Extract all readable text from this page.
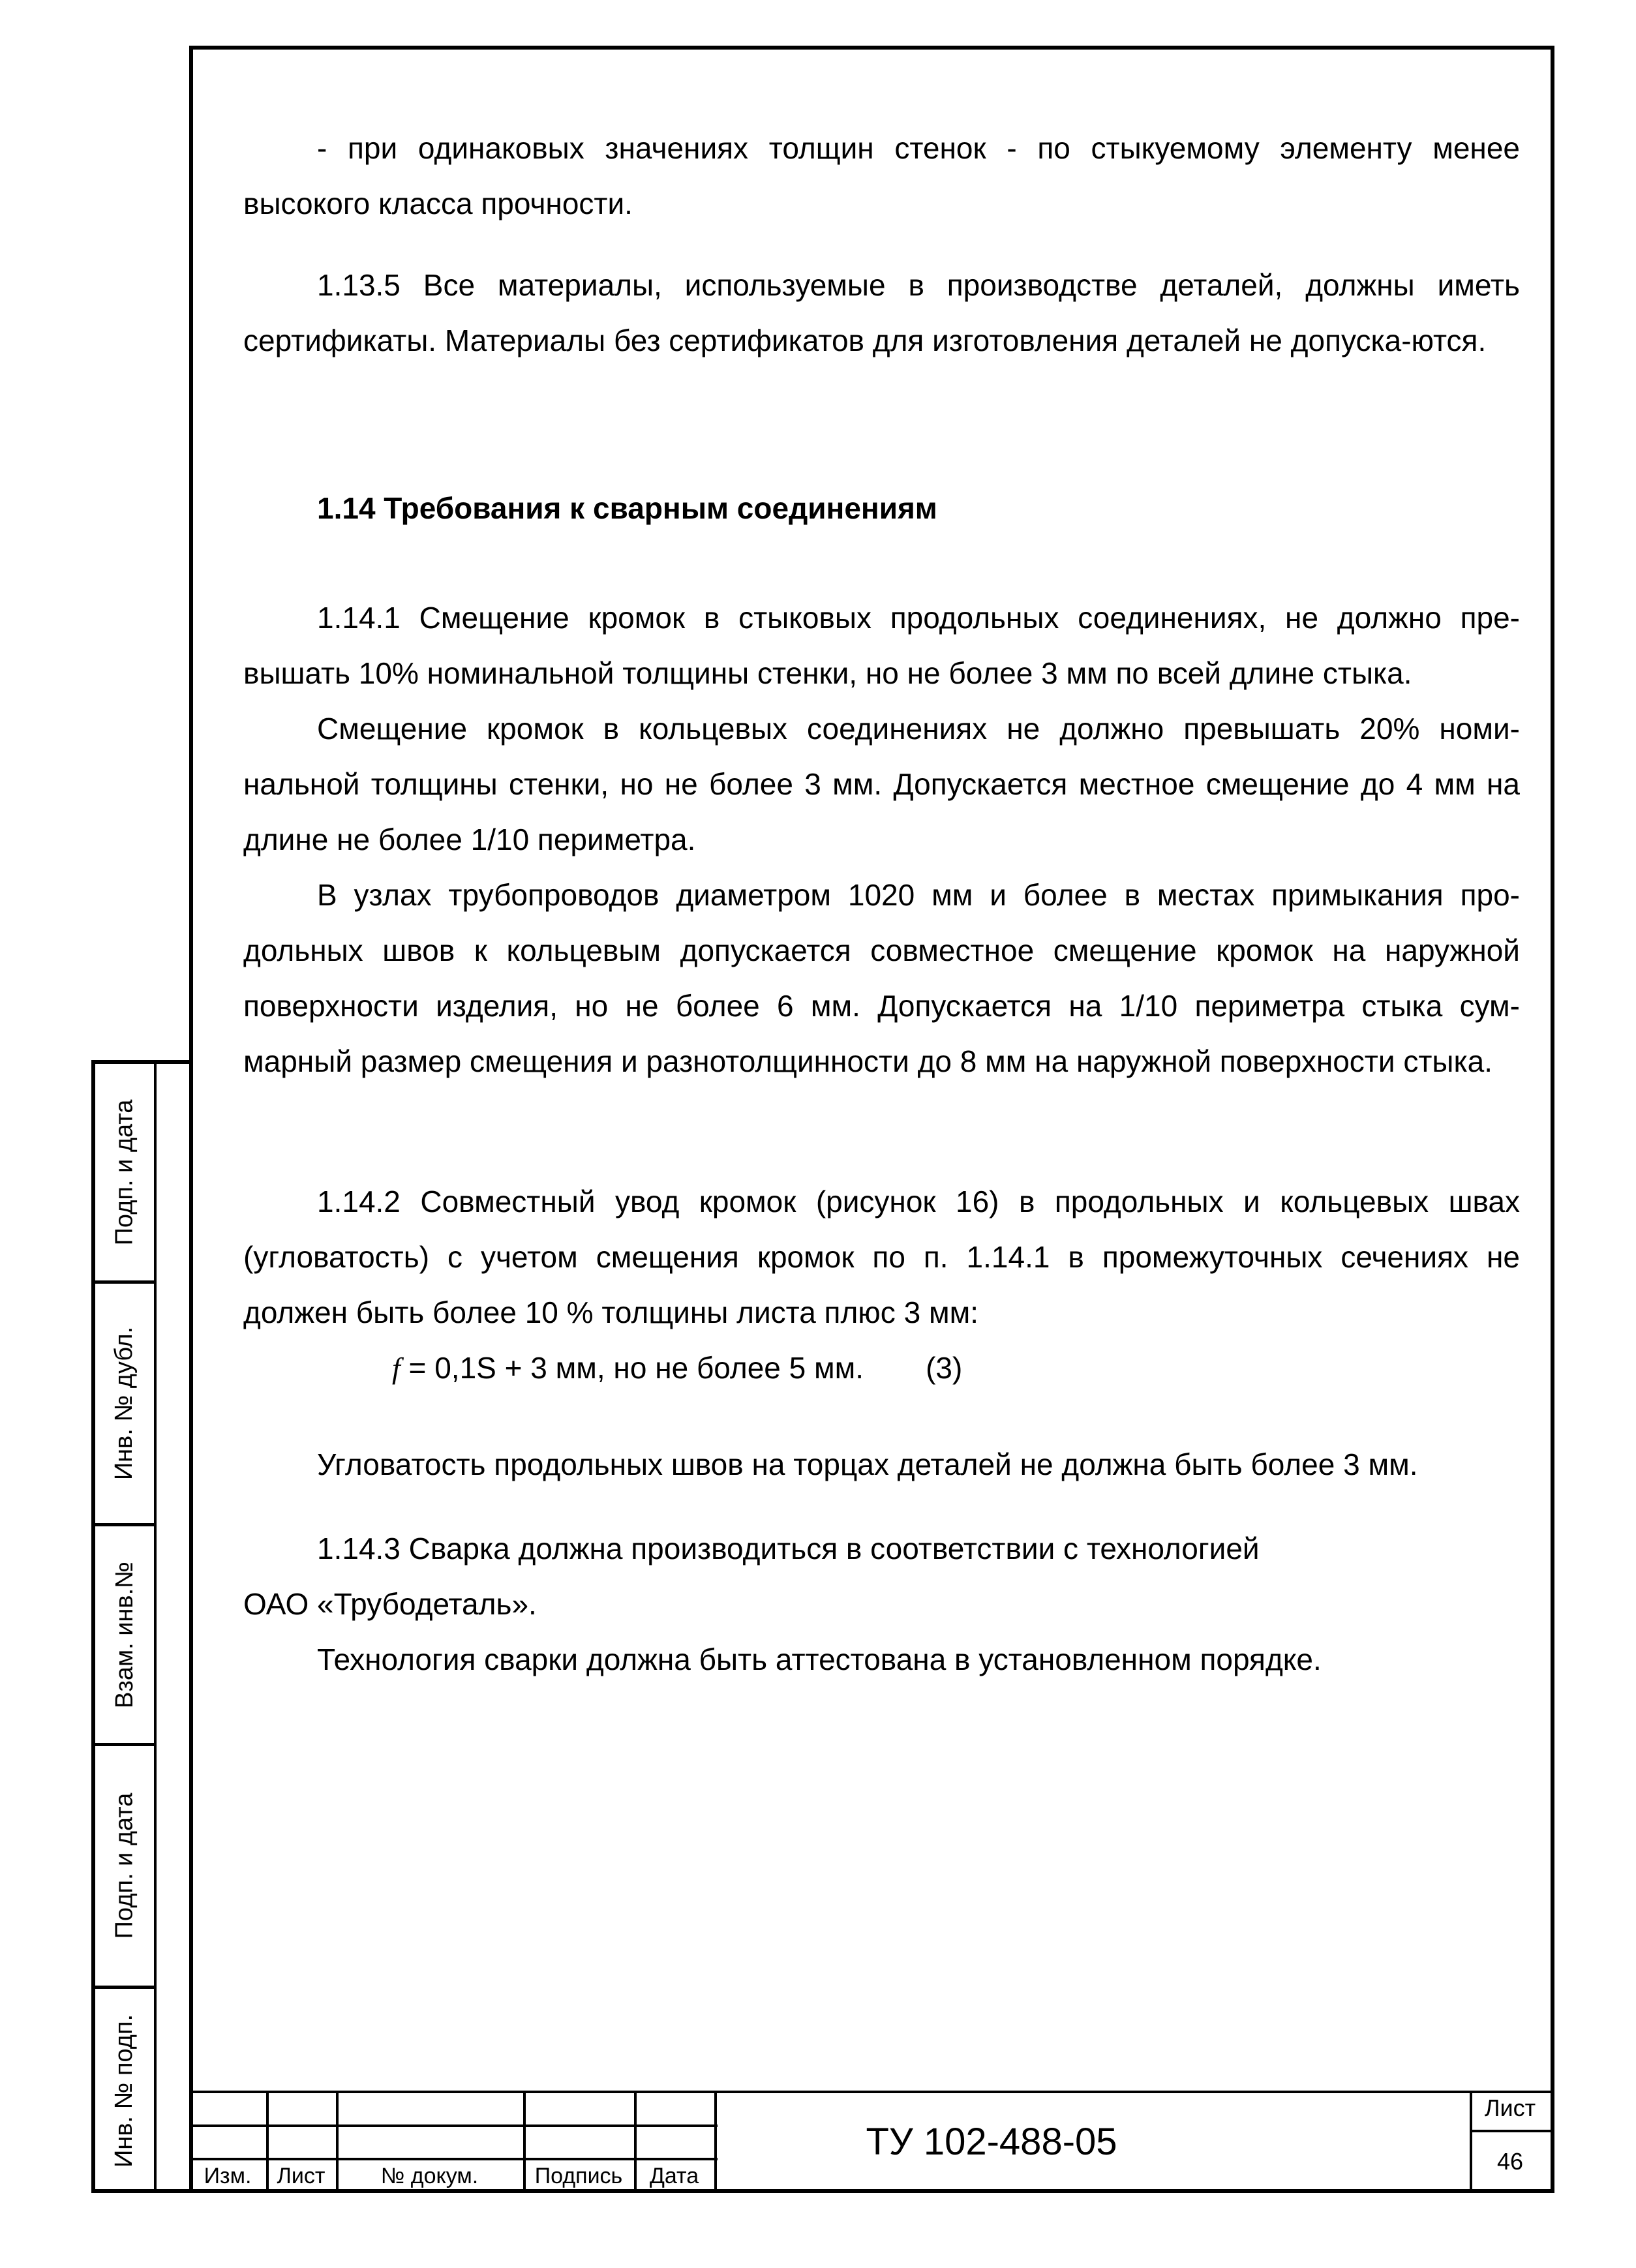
Подп. и дата
Инв. № дубл.
Взам. инв.№
Подп. и дата
Инв. № подп.

- при одинаковых значениях толщин стенок - по стыкуемому элементу менее высокого класса прочности.

1.13.5 Все материалы, используемые в производстве деталей, должны иметь сертификаты. Материалы без сертификатов для изготовления деталей не допуска-ются.

1.14 Требования к сварным соединениям

1.14.1 Смещение кромок в стыковых продольных соединениях, не должно пре-вышать 10% номинальной толщины стенки, но не более 3 мм по всей длине стыка.

Смещение кромок в кольцевых соединениях не должно превышать 20% номи-нальной толщины стенки, но не более 3 мм. Допускается местное смещение до 4 мм на длине не более 1/10 периметра.

В узлах трубопроводов диаметром 1020 мм и более в местах примыкания про-дольных швов к кольцевым допускается совместное смещение кромок на наружной поверхности изделия, но не более 6 мм. Допускается на 1/10 периметра стыка сум-марный размер смещения и разнотолщинности до 8 мм на наружной поверхности стыка.

1.14.2 Совместный увод кромок (рисунок 16) в продольных и кольцевых швах (угловатость) с учетом смещения кромок по п. 1.14.1 в промежуточных сечениях не должен быть более 10 % толщины листа плюс 3 мм:

f = 0,1S + 3 мм, но не более 5 мм. (3)

Угловатость продольных швов на торцах деталей не должна быть более 3 мм.

1.14.3 Сварка должна производиться в соответствии с технологией

ОАО «Трубодеталь».

Технология сварки должна быть аттестована в установленном порядке.

Изм.	Лист	№ докум.	Подпись	Дата
ТУ 102-488-05
Лист
46
